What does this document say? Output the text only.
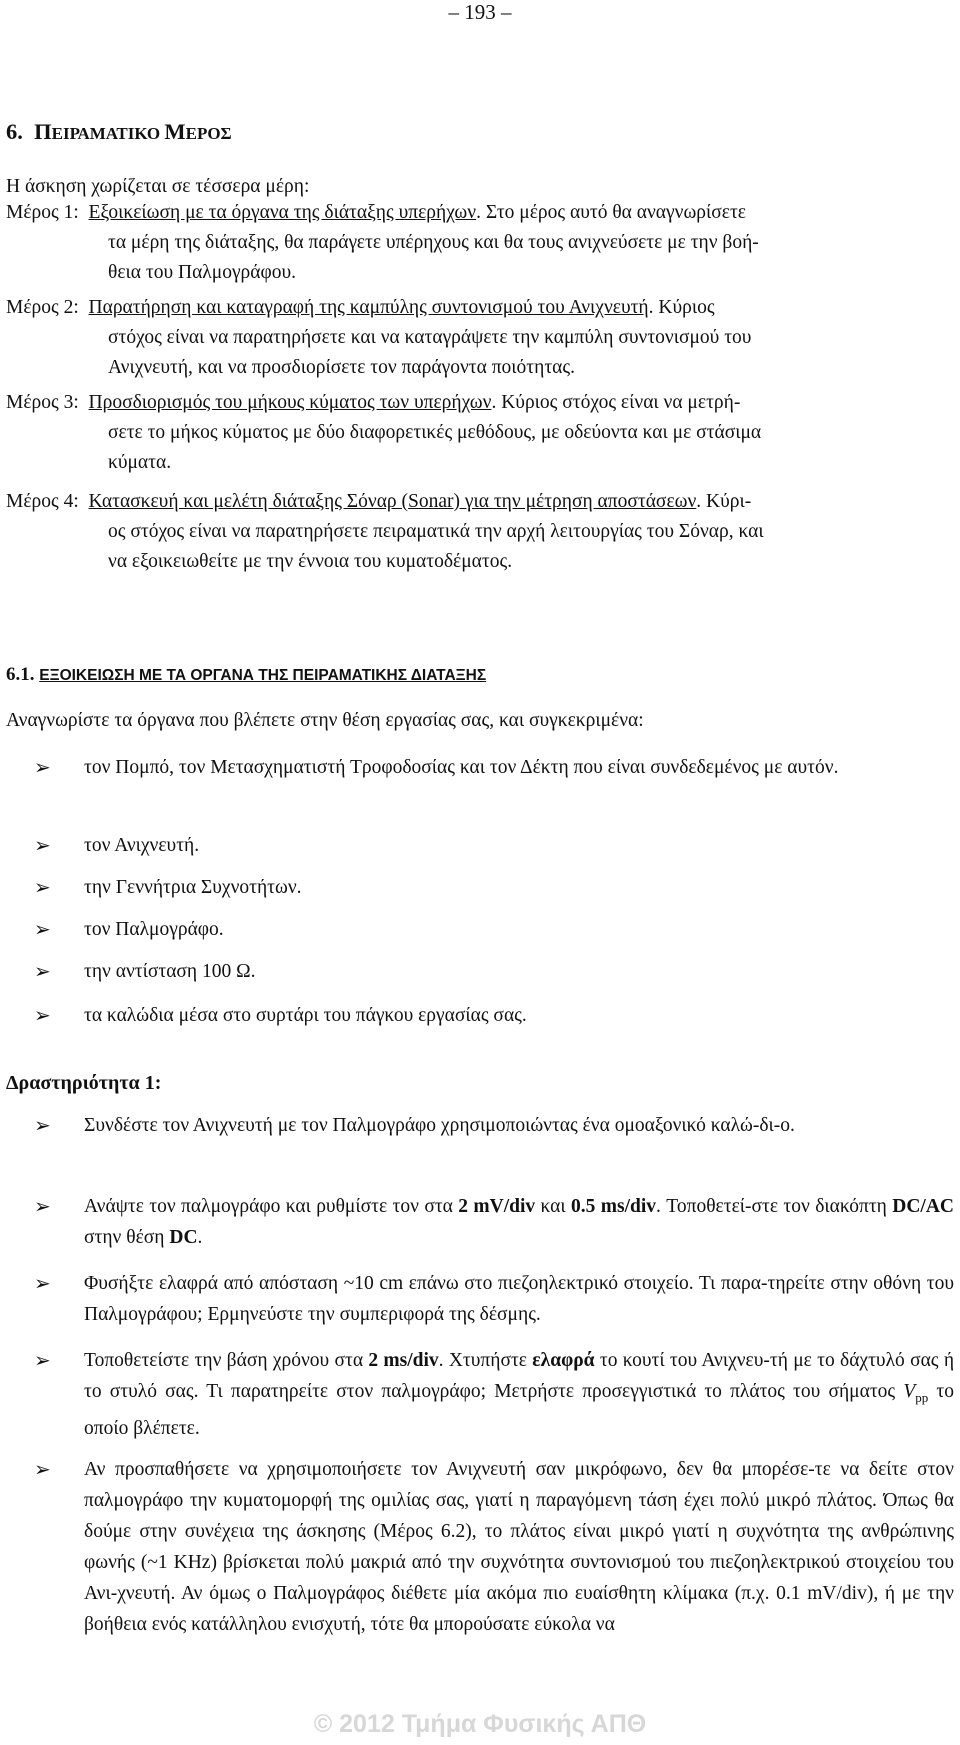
– 193 –
6. ΠΕΙΡΑΜΑΤΙΚΟ ΜΕΡΟΣ
Η άσκηση χωρίζεται σε τέσσερα μέρη:
Μέρος 1: Εξοικείωση με τα όργανα της διάταξης υπερήχων. Στο μέρος αυτό θα αναγνωρίσετε
τα μέρη της διάταξης, θα παράγετε υπέρηχους και θα τους ανιχνεύσετε με την βοή-
θεια του Παλμογράφου.
Μέρος 2: Παρατήρηση και καταγραφή της καμπύλης συντονισμού του Ανιχνευτή. Κύριος
στόχος είναι να παρατηρήσετε και να καταγράψετε την καμπύλη συντονισμού του
Ανιχνευτή, και να προσδιορίσετε τον παράγοντα ποιότητας.
Μέρος 3: Προσδιορισμός του μήκους κύματος των υπερήχων. Κύριος στόχος είναι να μετρή-
σετε το μήκος κύματος με δύο διαφορετικές μεθόδους, με οδεύοντα και με στάσιμα
κύματα.
Μέρος 4: Κατασκευή και μελέτη διάταξης Σόναρ (Sonar) για την μέτρηση αποστάσεων. Κύρι-
ος στόχος είναι να παρατηρήσετε πειραματικά την αρχή λειτουργίας του Σόναρ, και
να εξοικειωθείτε με την έννοια του κυματοδέματος.
6.1. ΕΞΟΙΚΕΙΩΣΗ ΜΕ ΤΑ ΟΡΓΑΝΑ ΤΗΣ ΠΕΙΡΑΜΑΤΙΚΗΣ ΔΙΑΤΑΞΗΣ
Αναγνωρίστε τα όργανα που βλέπετε στην θέση εργασίας σας, και συγκεκριμένα:
➢	τον Πομπό, τον Μετασχηματιστή Τροφοδοσίας και τον Δέκτη που είναι συνδεδεμένος με αυτόν.
➢	τον Ανιχνευτή.
➢	την Γεννήτρια Συχνοτήτων.
➢	τον Παλμογράφο.
➢	την αντίσταση 100 Ω.
➢	τα καλώδια μέσα στο συρτάρι του πάγκου εργασίας σας.
Δραστηριότητα 1:
➢	Συνδέστε τον Ανιχνευτή με τον Παλμογράφο χρησιμοποιώντας ένα ομοαξονικό καλώ-δι-ο.
➢	Ανάψτε τον παλμογράφο και ρυθμίστε τον στα 2 mV/div και 0.5 ms/div. Τοποθετεί-στε τον διακόπτη DC/AC στην θέση DC.
➢	Φυσήξτε ελαφρά από απόσταση ~10 cm επάνω στο πιεζοηλεκτρικό στοιχείο. Τι παρα-τηρείτε στην οθόνη του Παλμογράφου; Ερμηνεύστε την συμπεριφορά της δέσμης.
➢	Τοποθετείστε την βάση χρόνου στα 2 ms/div. Χτυπήστε ελαφρά το κουτί του Ανιχνευ-τή με το δάχτυλό σας ή το στυλό σας. Τι παρατηρείτε στον παλμογράφο; Μετρήστε προσεγγιστικά το πλάτος του σήματος $V_{pp}$ το οποίο βλέπετε.
➢	Αν προσπαθήσετε να χρησιμοποιήσετε τον Ανιχνευτή σαν μικρόφωνο, δεν θα μπορέσε-τε να δείτε στον παλμογράφο την κυματομορφή της ομιλίας σας, γιατί η παραγόμενη τάση έχει πολύ μικρό πλάτος. Όπως θα δούμε στην συνέχεια της άσκησης (Μέρος 6.2), το πλάτος είναι μικρό γιατί η συχνότητα της ανθρώπινης φωνής (~1 KHz) βρίσκεται πολύ μακριά από την συχνότητα συντονισμού του πιεζοηλεκτρικού στοιχείου του Ανι-χνευτή. Αν όμως ο Παλμογράφος διέθετε μία ακόμα πιο ευαίσθητη κλίμακα (π.χ. 0.1 mV/div), ή με την βοήθεια ενός κατάλληλου ενισχυτή, τότε θα μπορούσατε εύκολα να
© 2012 Τμήμα Φυσικής ΑΠΘ
